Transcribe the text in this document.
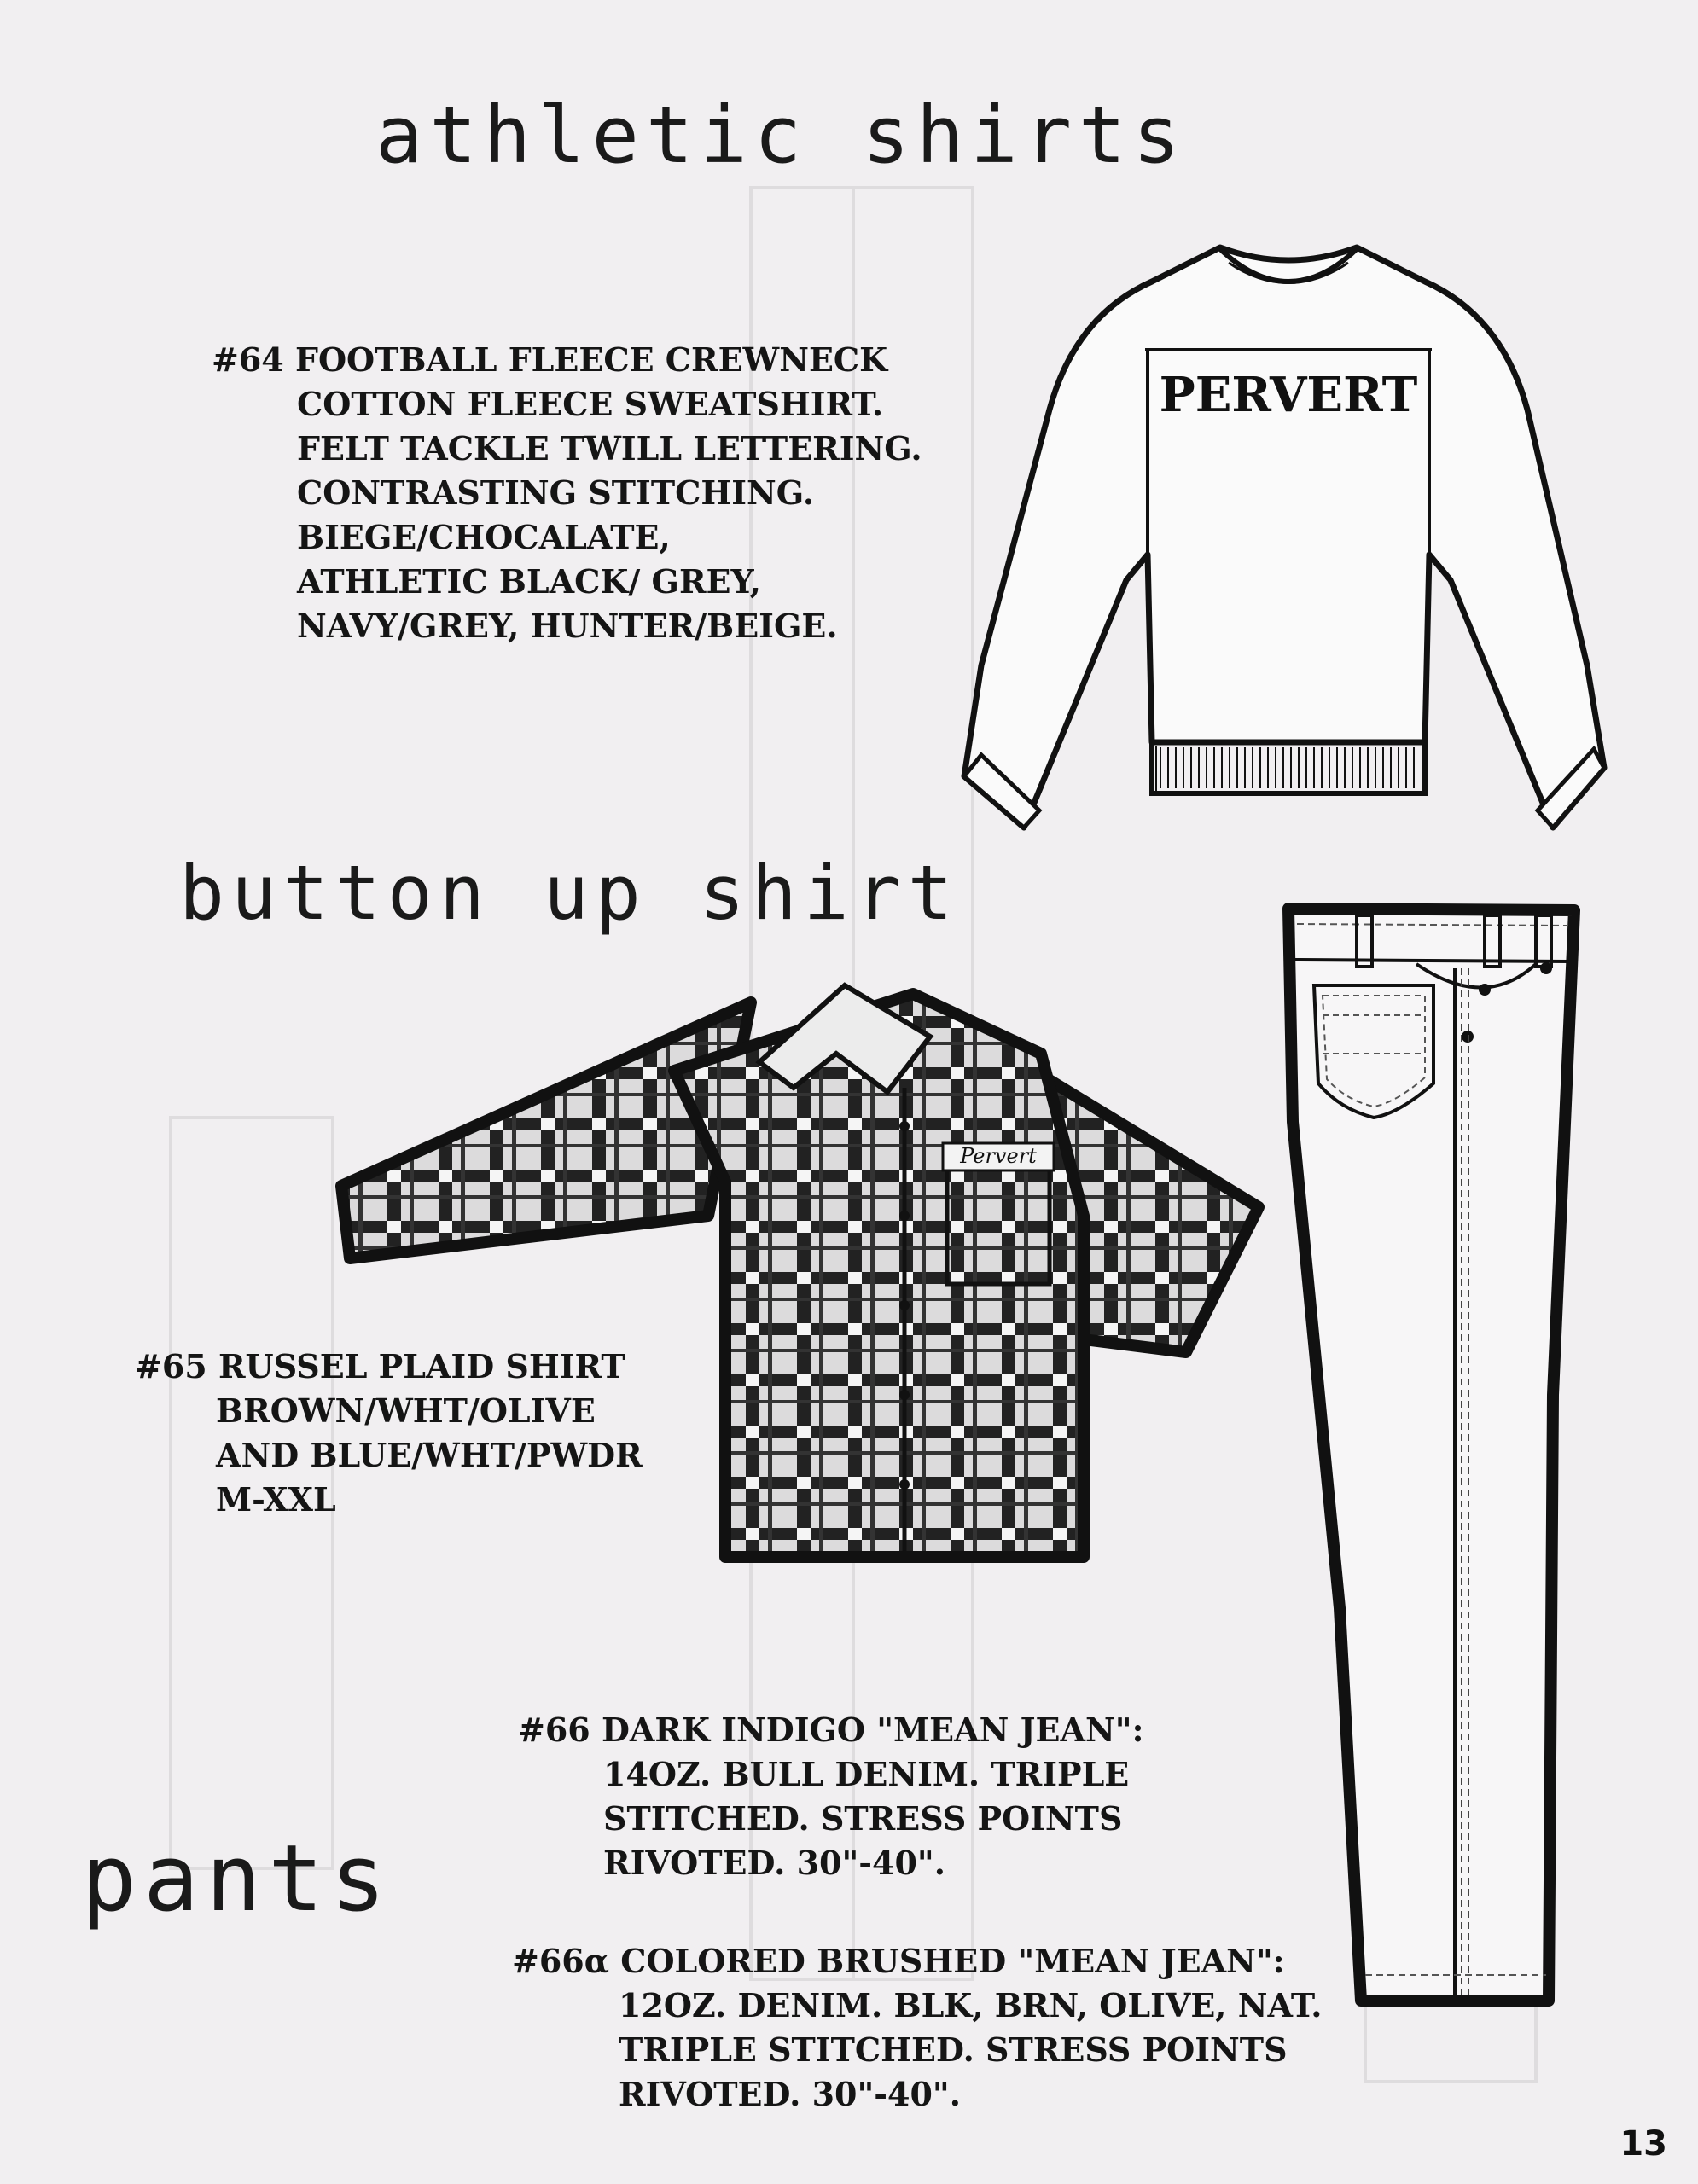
athletic shirts
button up shirt
pants
#64 FOOTBALL FLEECE CREWNECK
COTTON FLEECE SWEATSHIRT.
FELT TACKLE TWILL LETTERING.
CONTRASTING STITCHING.
BIEGE/CHOCALATE,
ATHLETIC BLACK/ GREY,
NAVY/GREY, HUNTER/BEIGE.
#65 RUSSEL PLAID SHIRT
BROWN/WHT/OLIVE
AND BLUE/WHT/PWDR
M-XXL
#66 DARK INDIGO "MEAN JEAN":
14OZ. BULL DENIM. TRIPLE
STITCHED. STRESS POINTS
RIVOTED. 30"-40".
#66α COLORED BRUSHED "MEAN JEAN":
12OZ. DENIM. BLK, BRN, OLIVE, NAT.
TRIPLE STITCHED. STRESS POINTS
RIVOTED. 30"-40".
PERVERT
Pervert
13
